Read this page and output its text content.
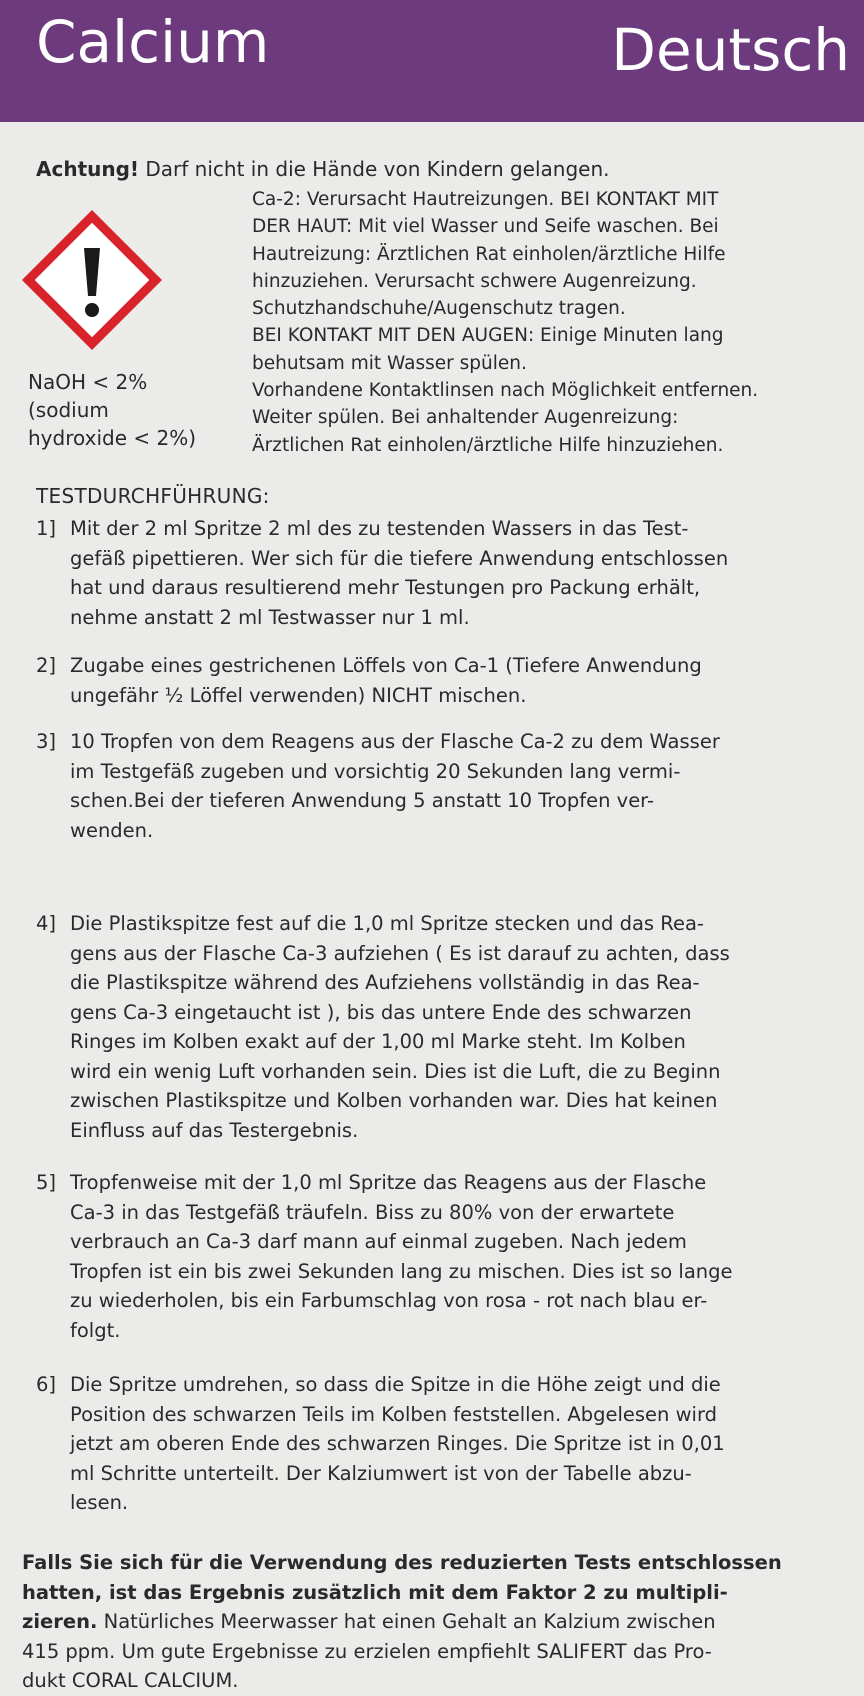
Calcium	Deutsch
Achtung! Darf nicht in die Hände von Kindern gelangen.

Ca-2: Verursacht Hautreizungen. BEI KONTAKT MIT

DER HAUT: Mit viel Wasser und Seife waschen. Bei

Hautreizung: Ärztlichen Rat einholen/ärztliche Hilfe

hinzuziehen. Verursacht schwere Augenreizung.

Schutzhandschuhe/Augenschutz tragen.

BEI KONTAKT MIT DEN AUGEN: Einige Minuten lang

behutsam mit Wasser spülen.

Vorhandene Kontaktlinsen nach Möglichkeit entfernen.

Weiter spülen. Bei anhaltender Augenreizung:

Ärztlichen Rat einholen/ärztliche Hilfe hinzuziehen.

NaOH < 2%

(sodium

hydroxide < 2%)

TESTDURCHFÜHRUNG:
1] Mit der 2 ml Spritze 2 ml des zu testenden Wassers in das Test-
gefäß pipettieren. Wer sich für die tiefere Anwendung entschlossen
hat und daraus resultierend mehr Testungen pro Packung erhält,
nehme anstatt 2 ml Testwasser nur 1 ml.
2] Zugabe eines gestrichenen Löffels von Ca-1 (Tiefere Anwendung
ungefähr ½ Löffel verwenden) NICHT mischen.
3] 10 Tropfen von dem Reagens aus der Flasche Ca-2 zu dem Wasser
im Testgefäß zugeben und vorsichtig 20 Sekunden lang vermi-
schen.Bei der tieferen Anwendung 5 anstatt 10 Tropfen ver-
wenden.
4] Die Plastikspitze fest auf die 1,0 ml Spritze stecken und das Rea-
gens aus der Flasche Ca-3 aufziehen ( Es ist darauf zu achten, dass
die Plastikspitze während des Aufziehens vollständig in das Rea-
gens Ca-3 eingetaucht ist ), bis das untere Ende des schwarzen
Ringes im Kolben exakt auf der 1,00 ml Marke steht. Im Kolben
wird ein wenig Luft vorhanden sein. Dies ist die Luft, die zu Beginn
zwischen Plastikspitze und Kolben vorhanden war. Dies hat keinen
Einfluss auf das Testergebnis.
5] Tropfenweise mit der 1,0 ml Spritze das Reagens aus der Flasche
Ca-3 in das Testgefäß träufeln. Biss zu 80% von der erwartete
verbrauch an Ca-3 darf mann auf einmal zugeben. Nach jedem
Tropfen ist ein bis zwei Sekunden lang zu mischen. Dies ist so lange
zu wiederholen, bis ein Farbumschlag von rosa - rot nach blau er-
folgt.
6] Die Spritze umdrehen, so dass die Spitze in die Höhe zeigt und die
Position des schwarzen Teils im Kolben feststellen. Abgelesen wird
jetzt am oberen Ende des schwarzen Ringes. Die Spritze ist in 0,01
ml Schritte unterteilt. Der Kalziumwert ist von der Tabelle abzu-
lesen.
Falls Sie sich für die Verwendung des reduzierten Tests entschlossen
hatten, ist das Ergebnis zusätzlich mit dem Faktor 2 zu multipli-
zieren. Natürliches Meerwasser hat einen Gehalt an Kalzium zwischen
415 ppm. Um gute Ergebnisse zu erzielen empfiehlt SALIFERT das Pro-
dukt CORAL CALCIUM.
